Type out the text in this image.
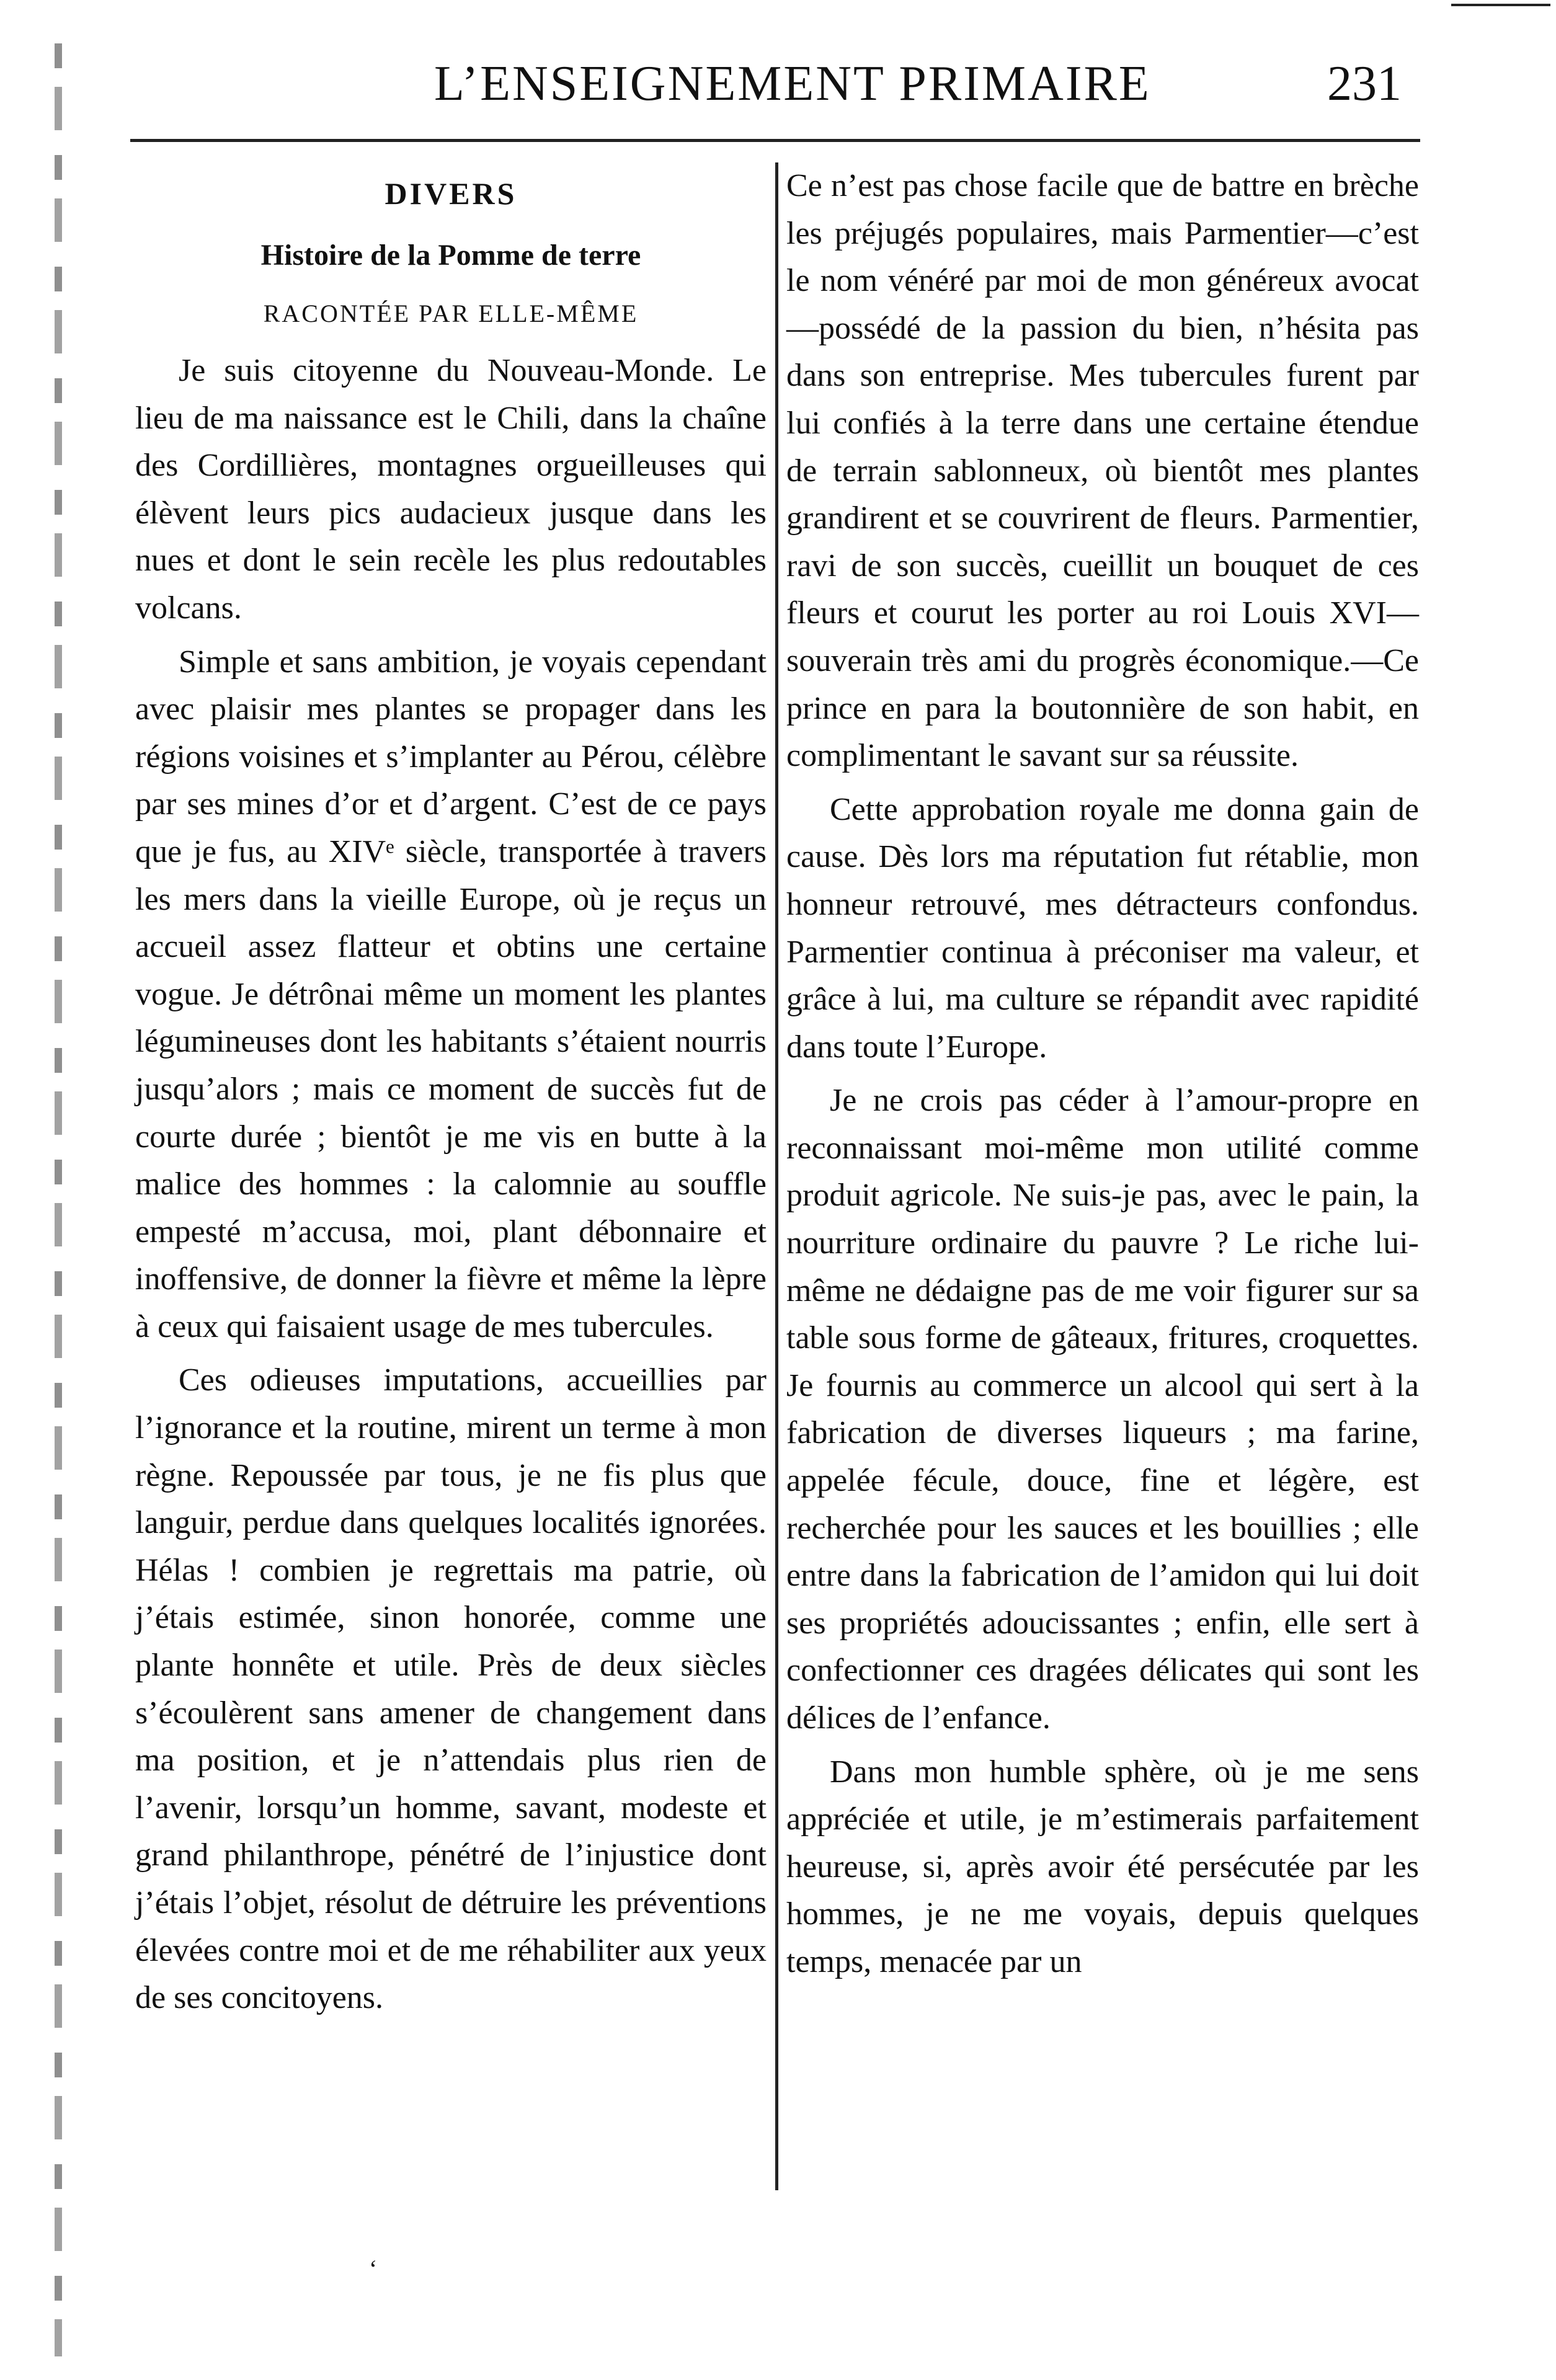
L’ENSEIGNEMENT PRIMAIRE	231
DIVERS
Histoire de la Pomme de terre
RACONTÉE PAR ELLE-MÊME

Je suis citoyenne du Nouveau-Monde. Le lieu de ma naissance est le Chili, dans la chaîne des Cordillières, montagnes orgueilleuses qui élèvent leurs pics audacieux jusque dans les nues et dont le sein recèle les plus redoutables volcans.

Simple et sans ambition, je voyais cependant avec plaisir mes plantes se propager dans les régions voisines et s’implanter au Pérou, célèbre par ses mines d’or et d’argent. C’est de ce pays que je fus, au XIVᵉ siècle, transportée à travers les mers dans la vieille Europe, où je reçus un accueil assez flatteur et obtins une certaine vogue. Je détrônai même un moment les plantes légumineuses dont les habitants s’étaient nourris jusqu’alors ; mais ce moment de succès fut de courte durée ; bientôt je me vis en butte à la malice des hommes : la calomnie au souffle empesté m’accusa, moi, plant débonnaire et inoffensive, de donner la fièvre et même la lèpre à ceux qui faisaient usage de mes tubercules.

Ces odieuses imputations, accueillies par l’ignorance et la routine, mirent un terme à mon règne. Repoussée par tous, je ne fis plus que languir, perdue dans quelques localités ignorées. Hélas ! combien je regrettais ma patrie, où j’étais estimée, sinon honorée, comme une plante honnête et utile. Près de deux siècles s’écoulèrent sans amener de changement dans ma position, et je n’attendais plus rien de l’avenir, lorsqu’un homme, savant, modeste et grand philanthrope, pénétré de l’injustice dont j’étais l’objet, résolut de détruire les préventions élevées contre moi et de me réhabiliter aux yeux de ses concitoyens.

Ce n’est pas chose facile que de battre en brèche les préjugés populaires, mais Parmentier—c’est le nom vénéré par moi de mon généreux avocat—possédé de la passion du bien, n’hésita pas dans son entreprise. Mes tubercules furent par lui confiés à la terre dans une certaine étendue de terrain sablonneux, où bientôt mes plantes grandirent et se couvrirent de fleurs. Parmentier, ravi de son succès, cueillit un bouquet de ces fleurs et courut les porter au roi Louis XVI—souverain très ami du progrès économique.—Ce prince en para la boutonnière de son habit, en complimentant le savant sur sa réussite.

Cette approbation royale me donna gain de cause. Dès lors ma réputation fut rétablie, mon honneur retrouvé, mes détracteurs confondus. Parmentier continua à préconiser ma valeur, et grâce à lui, ma culture se répandit avec rapidité dans toute l’Europe.

Je ne crois pas céder à l’amour-propre en reconnaissant moi-même mon utilité comme produit agricole. Ne suis-je pas, avec le pain, la nourriture ordinaire du pauvre ? Le riche lui-même ne dédaigne pas de me voir figurer sur sa table sous forme de gâteaux, fritures, croquettes. Je fournis au commerce un alcool qui sert à la fabrication de diverses liqueurs ; ma farine, appelée fécule, douce, fine et légère, est recherchée pour les sauces et les bouillies ; elle entre dans la fabrication de l’amidon qui lui doit ses propriétés adoucissantes ; enfin, elle sert à confectionner ces dragées délicates qui sont les délices de l’enfance.

Dans mon humble sphère, où je me sens appréciée et utile, je m’estimerais parfaitement heureuse, si, après avoir été persécutée par les hommes, je ne me voyais, depuis quelques temps, menacée par un

‘
